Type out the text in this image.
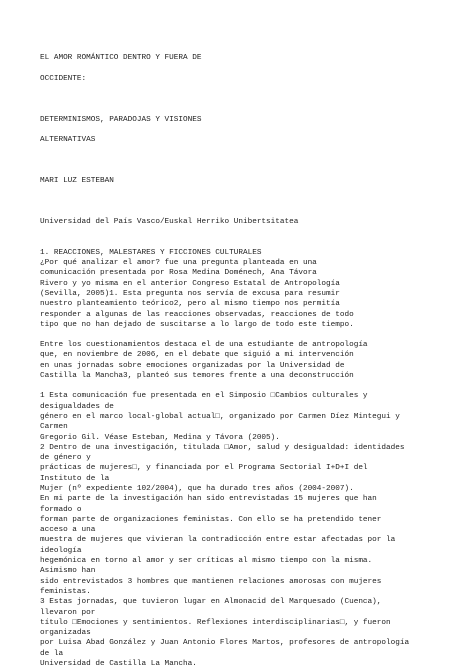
EL AMOR ROMÁNTICO DENTRO Y FUERA DE

OCCIDENTE:

DETERMINISMOS, PARADOJAS Y VISIONES

ALTERNATIVAS

MARI LUZ ESTEBAN

Universidad del País Vasco/Euskal Herriko Unibertsitatea

1. REACCIONES, MALESTARES Y FICCIONES CULTURALES
¿Por qué analizar el amor? fue una pregunta planteada en una
comunicación presentada por Rosa Medina Doménech, Ana Távora
Rivero y yo misma en el anterior Congreso Estatal de Antropología
(Sevilla, 2005)1. Esta pregunta nos servía de excusa para resumir
nuestro planteamiento teórico2, pero al mismo tiempo nos permitía
responder a algunas de las reacciones observadas, reacciones de todo
tipo que no han dejado de suscitarse a lo largo de todo este tiempo.
Entre los cuestionamientos destaca el de una estudiante de antropología
que, en noviembre de 2006, en el debate que siguió a mi intervención
en unas jornadas sobre emociones organizadas por la Universidad de
Castilla la Mancha3, planteó sus temores frente a una deconstrucción
1 Esta comunicación fue presentada en el Simposio □Cambios culturales y
desigualdades de
género en el marco local-global actual□, organizado por Carmen Díez Mintegui y
Carmen
Gregorio Gil. Véase Esteban, Medina y Távora (2005).
2 Dentro de una investigación, titulada □Amor, salud y desigualdad: identidades
de género y
prácticas de mujeres□, y financiada por el Programa Sectorial I+D+I del
Instituto de la
Mujer (nº expediente 102/2004), que ha durado tres años (2004-2007).
En mi parte de la investigación han sido entrevistadas 15 mujeres que han
formado o
forman parte de organizaciones feministas. Con ello se ha pretendido tener
acceso a una
muestra de mujeres que vivieran la contradicción entre estar afectadas por la
ideología
hegemónica en torno al amor y ser críticas al mismo tiempo con la misma.
Asimismo han
sido entrevistados 3 hombres que mantienen relaciones amorosas con mujeres
feministas.
3 Estas jornadas, que tuvieron lugar en Almonacid del Marquesado (Cuenca),
llevaron por
título □Emociones y sentimientos. Reflexiones interdisciplinarias□, y fueron
organizadas
por Luisa Abad González y Juan Antonio Flores Martos, profesores de antropología
de la
Universidad de Castilla La Mancha.
